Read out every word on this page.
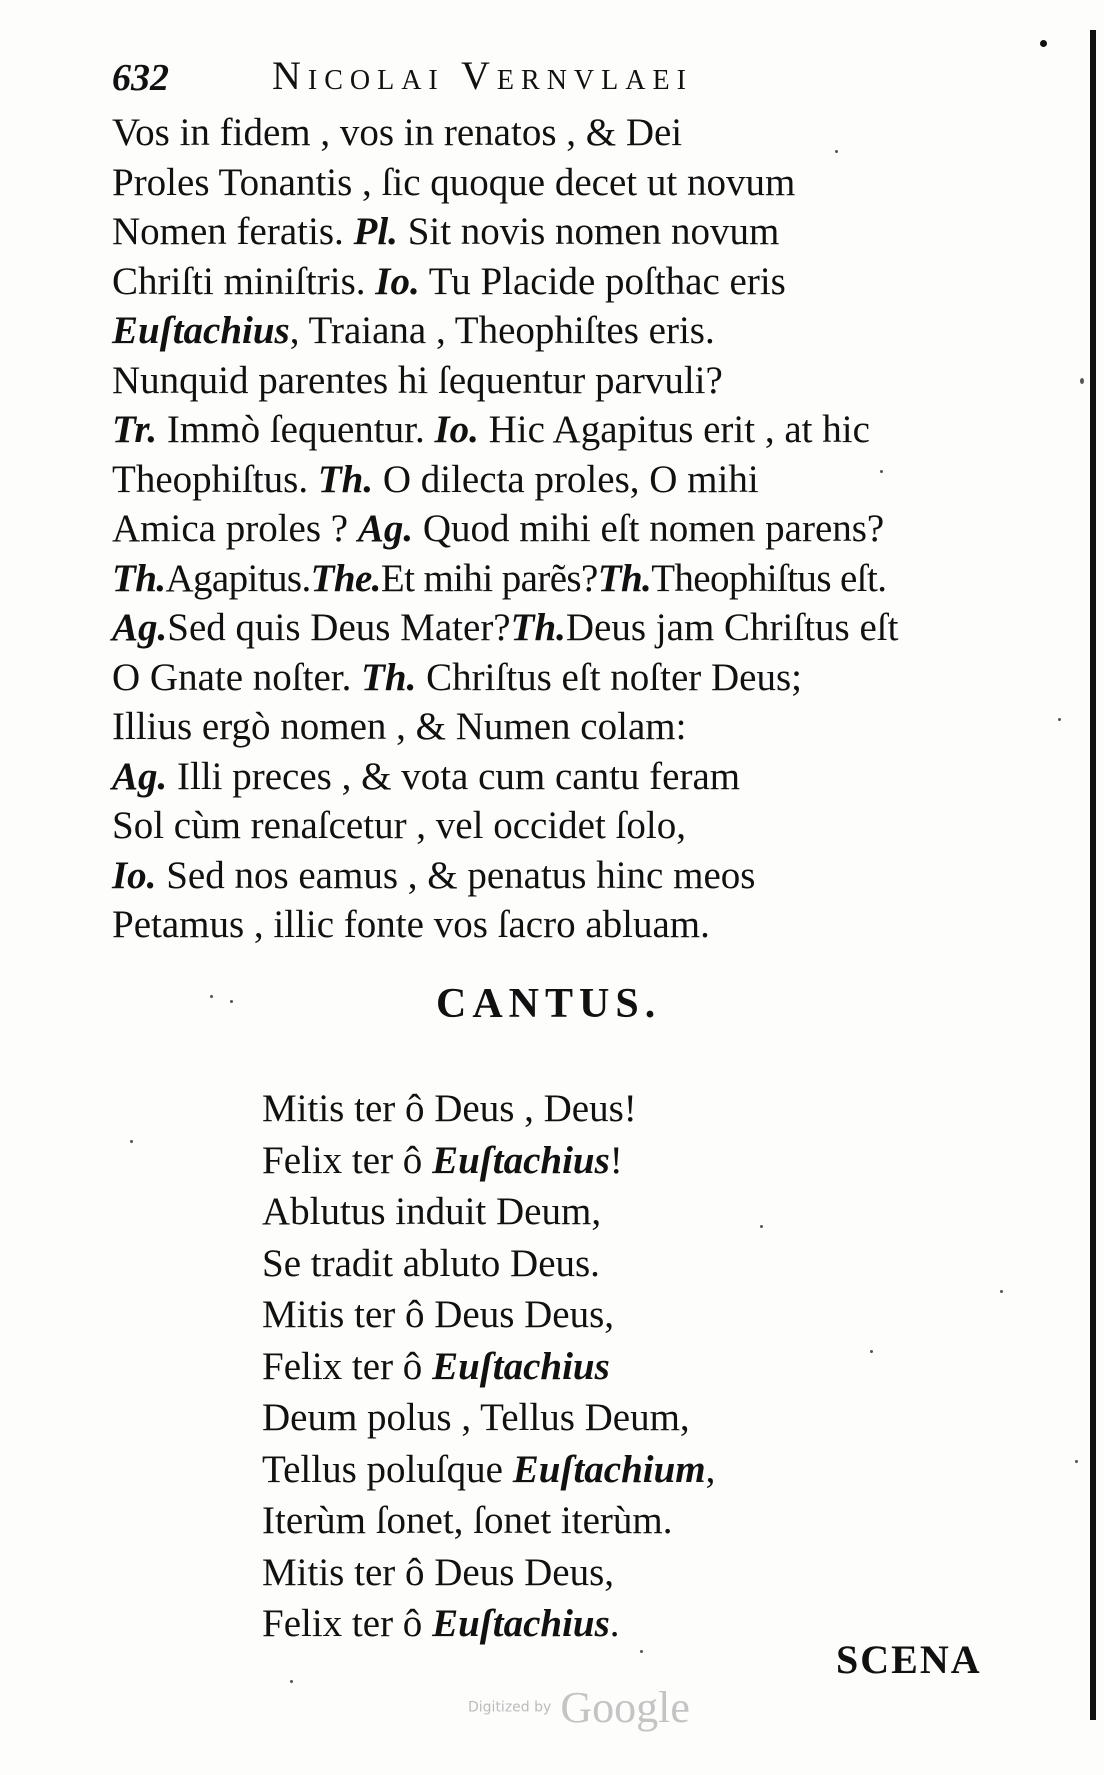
632	Nicolai Vernvlaei
Vos in fidem , vos in renatos , & Dei
Proles Tonantis , ſic quoque decet ut novum
Nomen feratis. Pl. Sit novis nomen novum
Chriſti miniſtris. Io. Tu Placide poſthac eris
Euſtachius, Traiana , Theophiſtes eris.
Nunquid parentes hi ſequentur parvuli?
Tr. Immò ſequentur. Io. Hic Agapitus erit , at hic
Theophiſtus. Th. O dilecta proles, O mihi
Amica proles ? Ag. Quod mihi eſt nomen parens?
Th.Agapitus.The.Et mihi parẽs?Th.Theophiſtus eſt.
Ag.Sed quis Deus Mater?Th.Deus jam Chriſtus eſt
O Gnate noſter. Th. Chriſtus eſt noſter Deus;
Illius ergò nomen , & Numen colam:
Ag. Illi preces , & vota cum cantu feram
Sol cùm renaſcetur , vel occidet ſolo,
Io. Sed nos eamus , & penatus hinc meos
Petamus , illic fonte vos ſacro abluam.
CANTUS.
Mitis ter ô Deus , Deus!
Felix ter ô Euſtachius!
Ablutus induit Deum,
Se tradit abluto Deus.
Mitis ter ô Deus Deus,
Felix ter ô Euſtachius
Deum polus , Tellus Deum,
Tellus poluſque Euſtachium,
Iterùm ſonet, ſonet iterùm.
Mitis ter ô Deus Deus,
Felix ter ô Euſtachius.
SCENA
Digitized by Google
